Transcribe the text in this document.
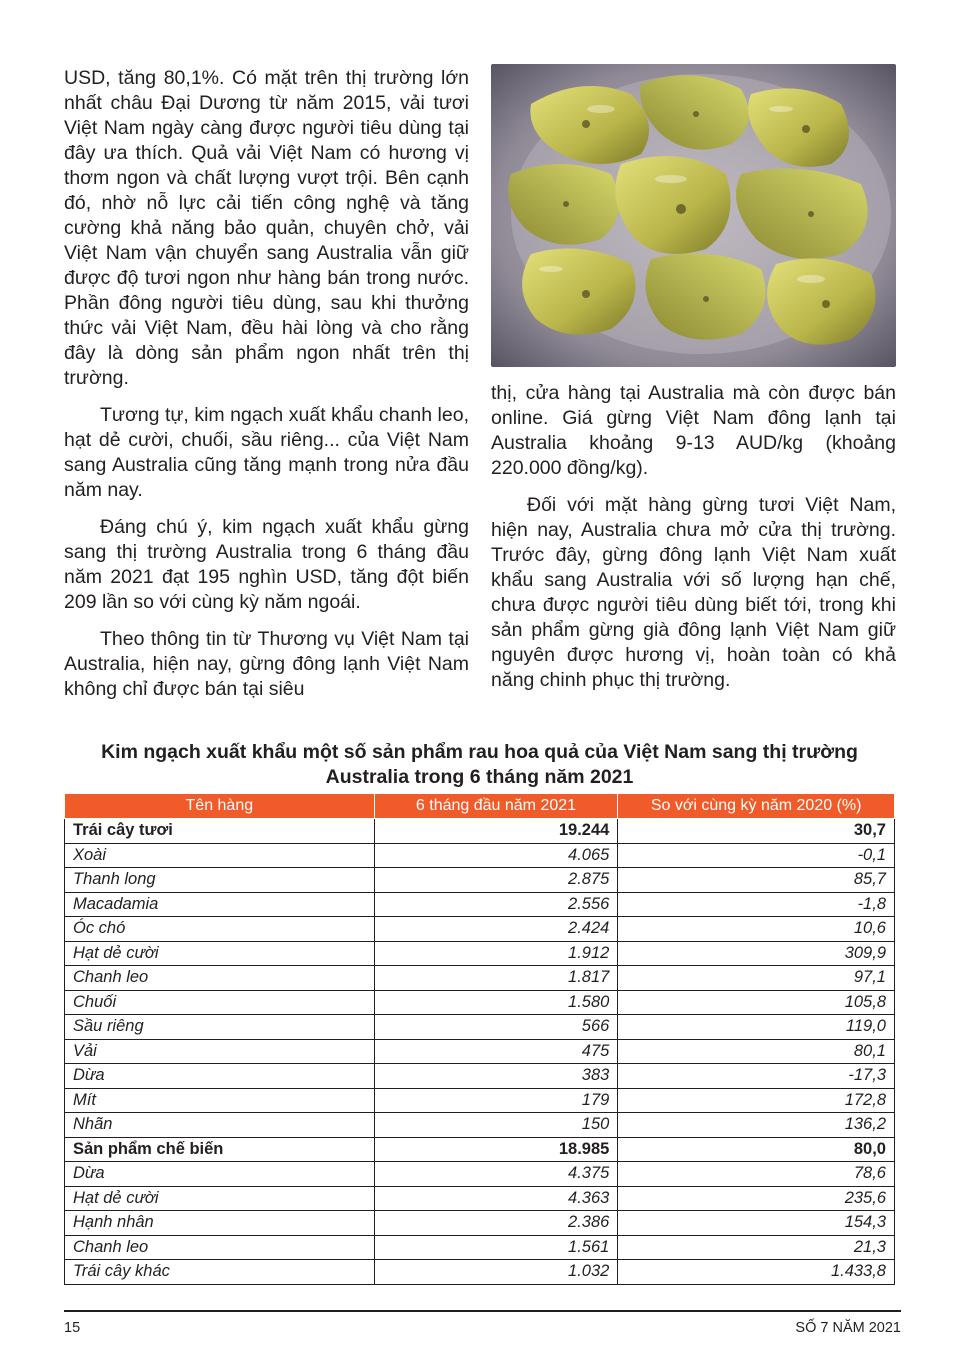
USD, tăng 80,1%. Có mặt trên thị trường lớn nhất châu Đại Dương từ năm 2015, vải tươi Việt Nam ngày càng được người tiêu dùng tại đây ưa thích. Quả vải Việt Nam có hương vị thơm ngon và chất lượng vượt trội. Bên cạnh đó, nhờ nỗ lực cải tiến công nghệ và tăng cường khả năng bảo quản, chuyên chở, vải Việt Nam vận chuyển sang Australia vẫn giữ được độ tươi ngon như hàng bán trong nước. Phần đông người tiêu dùng, sau khi thưởng thức vải Việt Nam, đều hài lòng và cho rằng đây là dòng sản phẩm ngon nhất trên thị trường.

Tương tự, kim ngạch xuất khẩu chanh leo, hạt dẻ cười, chuối, sầu riêng... của Việt Nam sang Australia cũng tăng mạnh trong nửa đầu năm nay.

Đáng chú ý, kim ngạch xuất khẩu gừng sang thị trường Australia trong 6 tháng đầu năm 2021 đạt 195 nghìn USD, tăng đột biến 209 lần so với cùng kỳ năm ngoái.

Theo thông tin từ Thương vụ Việt Nam tại Australia, hiện nay, gừng đông lạnh Việt Nam không chỉ được bán tại siêu

thị, cửa hàng tại Australia mà còn được bán online. Giá gừng Việt Nam đông lạnh tại Australia khoảng 9-13 AUD/kg (khoảng 220.000 đồng/kg).

Đối với mặt hàng gừng tươi Việt Nam, hiện nay, Australia chưa mở cửa thị trường. Trước đây, gừng đông lạnh Việt Nam xuất khẩu sang Australia với số lượng hạn chế, chưa được người tiêu dùng biết tới, trong khi sản phẩm gừng già đông lạnh Việt Nam giữ nguyên được hương vị, hoàn toàn có khả năng chinh phục thị trường.

Kim ngạch xuất khẩu một số sản phẩm rau hoa quả của Việt Nam sang thị trường Australia trong 6 tháng năm 2021
Tên hàng	6 tháng đầu năm 2021	So với cùng kỳ năm 2020 (%)
Trái cây tươi	19.244	30,7
Xoài	4.065	-0,1
Thanh long	2.875	85,7
Macadamia	2.556	-1,8
Óc chó	2.424	10,6
Hạt dẻ cười	1.912	309,9
Chanh leo	1.817	97,1
Chuối	1.580	105,8
Sầu riêng	566	119,0
Vải	475	80,1
Dừa	383	-17,3
Mít	179	172,8
Nhãn	150	136,2
Sản phẩm chế biến	18.985	80,0
Dừa	4.375	78,6
Hạt dẻ cười	4.363	235,6
Hạnh nhân	2.386	154,3
Chanh leo	1.561	21,3
Trái cây khác	1.032	1.433,8
15	SỐ 7 NĂM 2021
